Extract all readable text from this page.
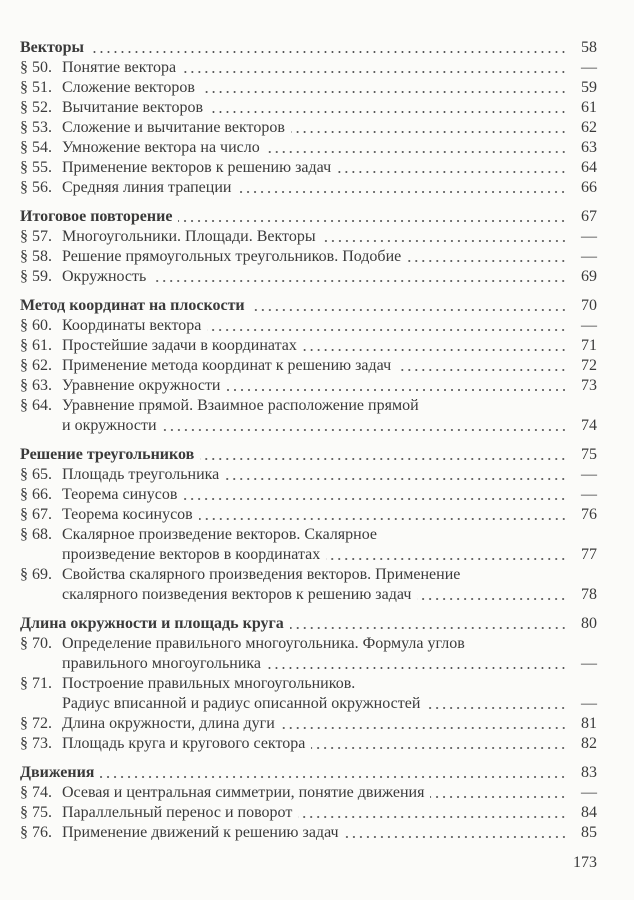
Векторы	58
§ 50. Понятие вектора	—
§ 51. Сложение векторов	59
§ 52. Вычитание векторов	61
§ 53. Сложение и вычитание векторов	62
§ 54. Умножение вектора на число	63
§ 55. Применение векторов к решению задач	64
§ 56. Средняя линия трапеции	66
Итоговое повторение	67
§ 57. Многоугольники. Площади. Векторы	—
§ 58. Решение прямоугольных треугольников. Подобие	—
§ 59. Окружность	69
Метод координат на плоскости	70
§ 60. Координаты вектора	—
§ 61. Простейшие задачи в координатах	71
§ 62. Применение метода координат к решению задач	72
§ 63. Уравнение окружности	73
§ 64. Уравнение прямой. Взаимное расположение прямой
и окружности	74
Решение треугольников	75
§ 65. Площадь треугольника	—
§ 66. Теорема синусов	—
§ 67. Теорема косинусов	76
§ 68. Скалярное произведение векторов. Скалярное
произведение векторов в координатах	77
§ 69. Свойства скалярного произведения векторов. Применение
скалярного поизведения векторов к решению задач	78
Длина окружности и площадь круга	80
§ 70. Определение правильного многоугольника. Формула углов
правильного многоугольника	—
§ 71. Построение правильных многоугольников.
Радиус вписанной и радиус описанной окружностей	—
§ 72. Длина окружности, длина дуги	81
§ 73. Площадь круга и кругового сектора	82
Движения	83
§ 74. Осевая и центральная симметрии, понятие движения	—
§ 75. Параллельный перенос и поворот	84
§ 76. Применение движений к решению задач	85
173
